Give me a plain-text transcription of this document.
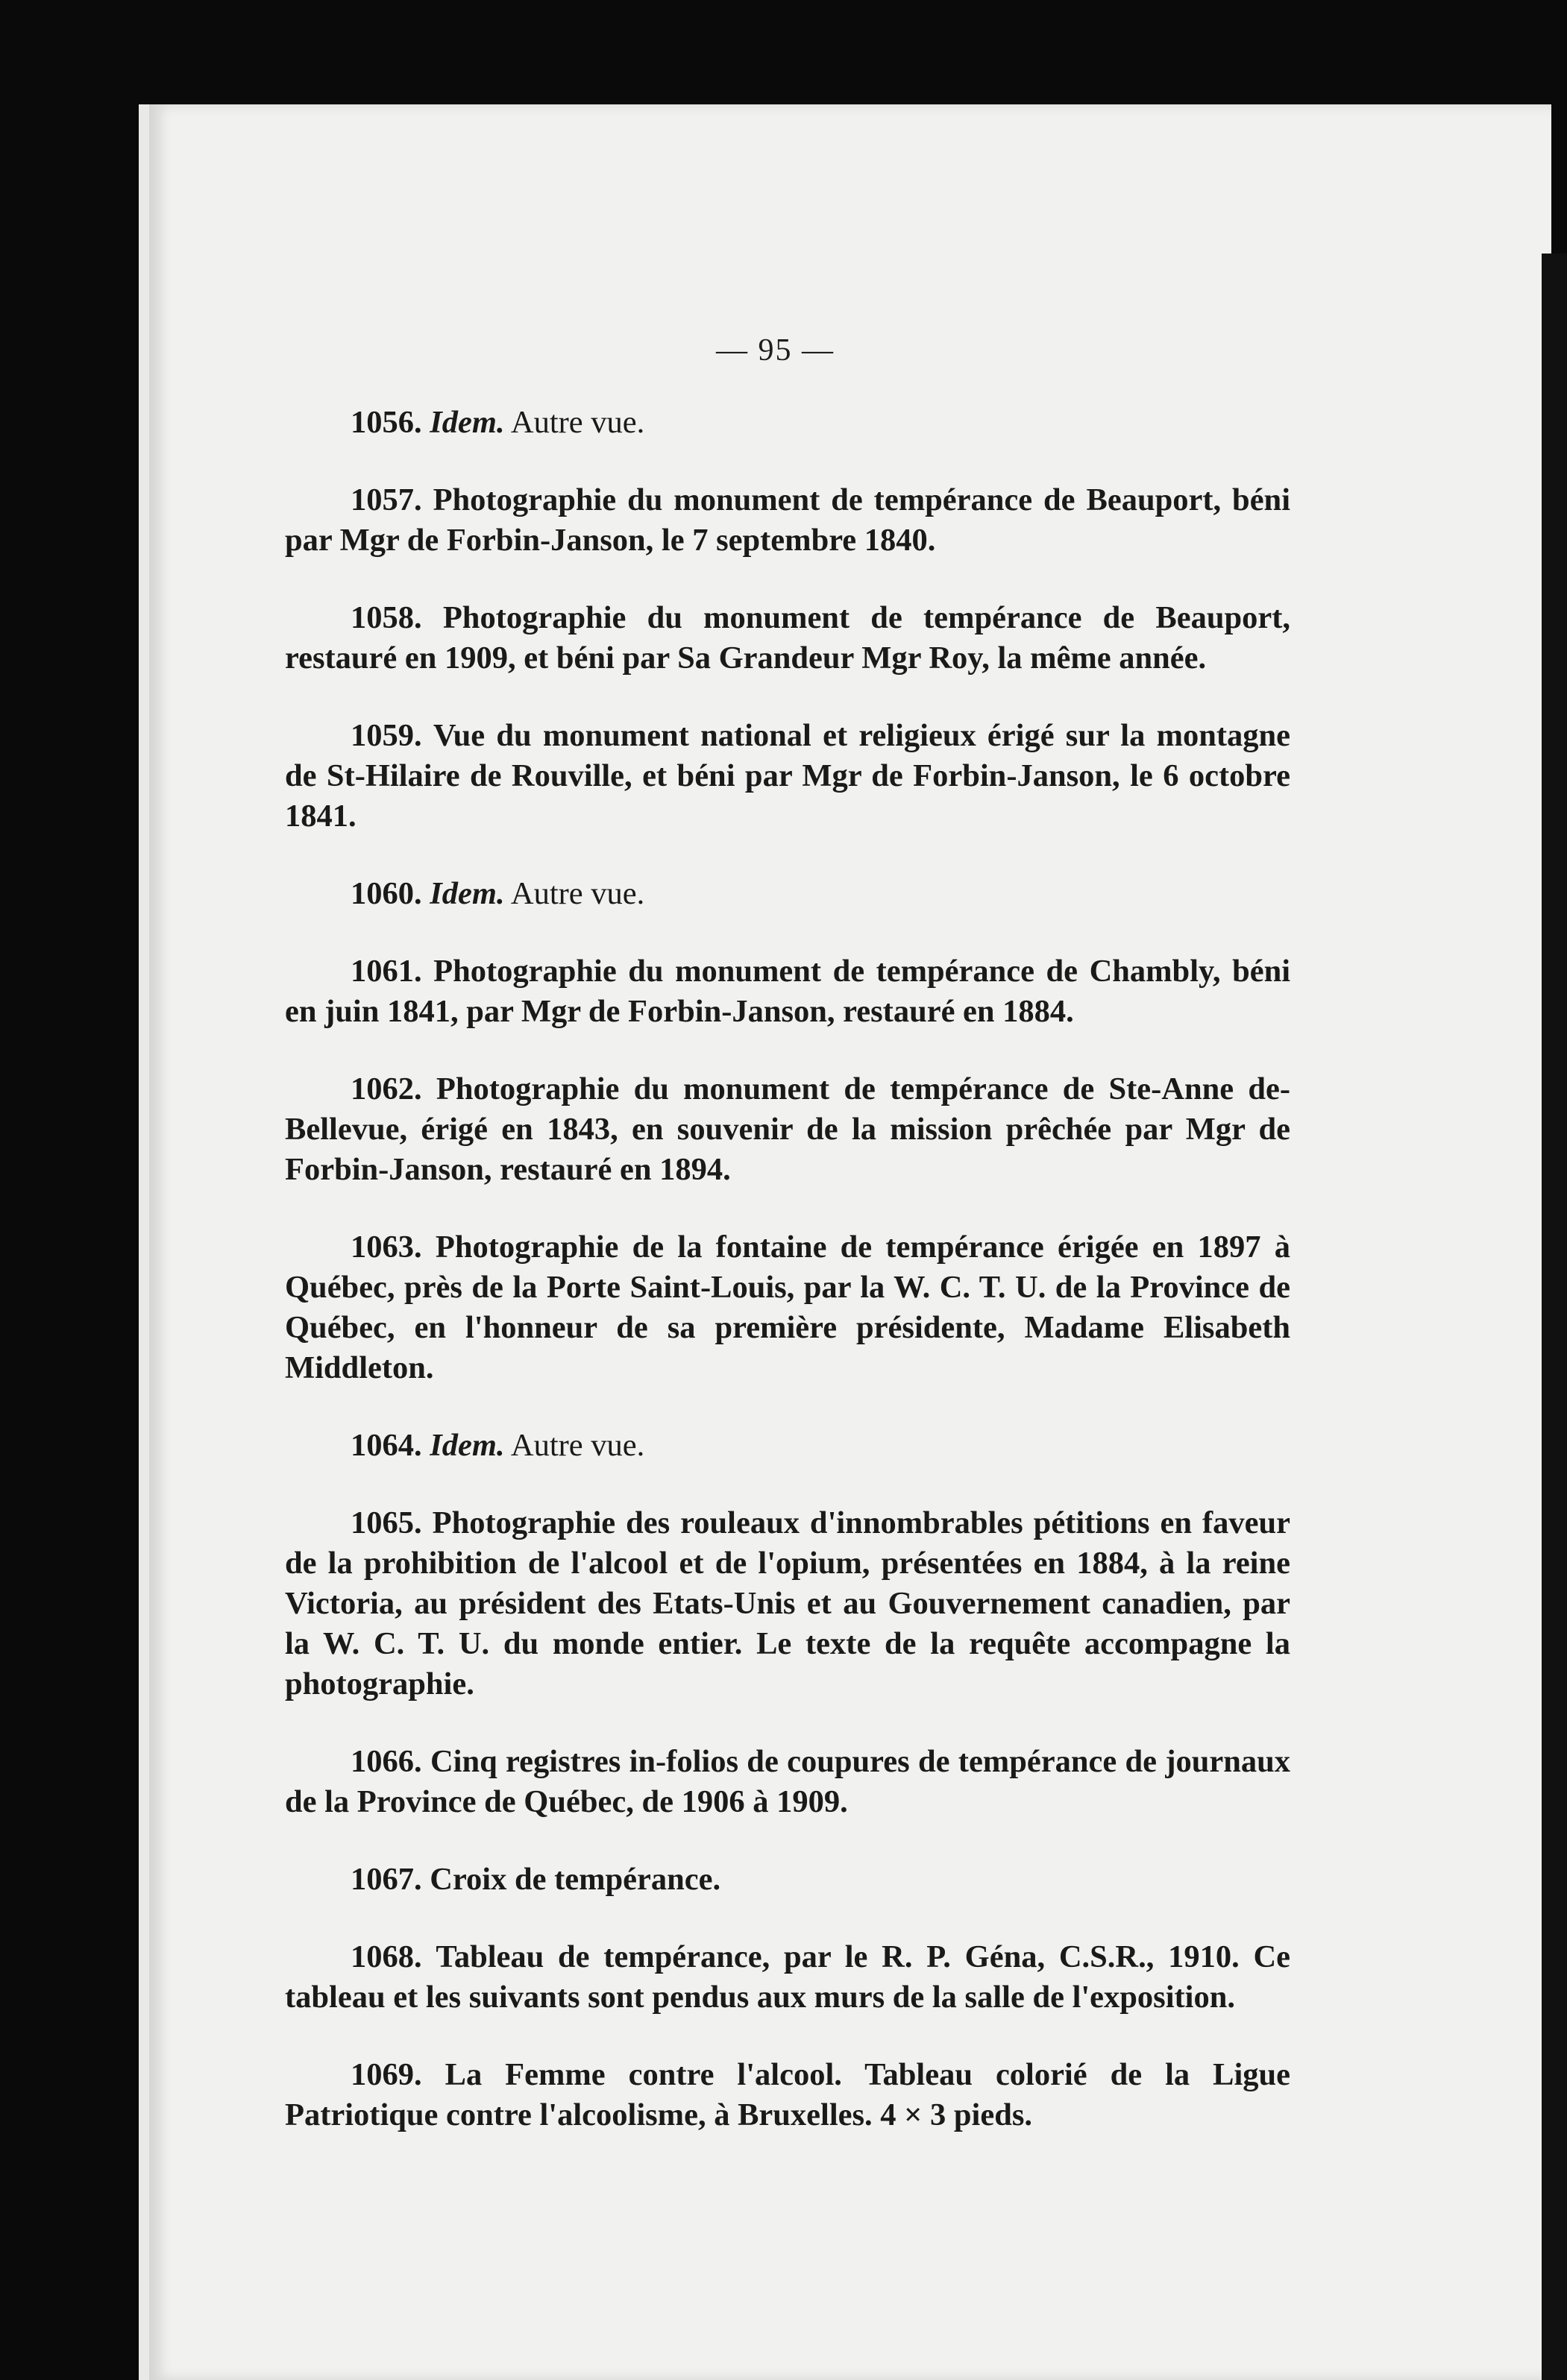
— 95 —

1056. Idem. Autre vue.

1057. Photographie du monument de tempérance de Beauport, béni par Mgr de Forbin-Janson, le 7 septembre 1840.

1058. Photographie du monument de tempérance de Beauport, restauré en 1909, et béni par Sa Grandeur Mgr Roy, la même année.

1059. Vue du monument national et religieux érigé sur la montagne de St-Hilaire de Rouville, et béni par Mgr de Forbin-Janson, le 6 octobre 1841.

1060. Idem. Autre vue.

1061. Photographie du monument de tempérance de Chambly, béni en juin 1841, par Mgr de Forbin-Janson, restauré en 1884.

1062. Photographie du monument de tempérance de Ste-Anne de-Bellevue, érigé en 1843, en souvenir de la mission prêchée par Mgr de Forbin-Janson, restauré en 1894.

1063. Photographie de la fontaine de tempérance érigée en 1897 à Québec, près de la Porte Saint-Louis, par la W. C. T. U. de la Province de Québec, en l'honneur de sa première présidente, Madame Elisabeth Middleton.

1064. Idem. Autre vue.

1065. Photographie des rouleaux d'innombrables pétitions en faveur de la prohibition de l'alcool et de l'opium, présentées en 1884, à la reine Victoria, au président des Etats-Unis et au Gouvernement canadien, par la W. C. T. U. du monde entier. Le texte de la requête accompagne la photographie.

1066. Cinq registres in-folios de coupures de tempérance de journaux de la Province de Québec, de 1906 à 1909.

1067. Croix de tempérance.

1068. Tableau de tempérance, par le R. P. Géna, C.S.R., 1910. Ce tableau et les suivants sont pendus aux murs de la salle de l'exposition.

1069. La Femme contre l'alcool. Tableau colorié de la Ligue Patriotique contre l'alcoolisme, à Bruxelles. 4 × 3 pieds.
